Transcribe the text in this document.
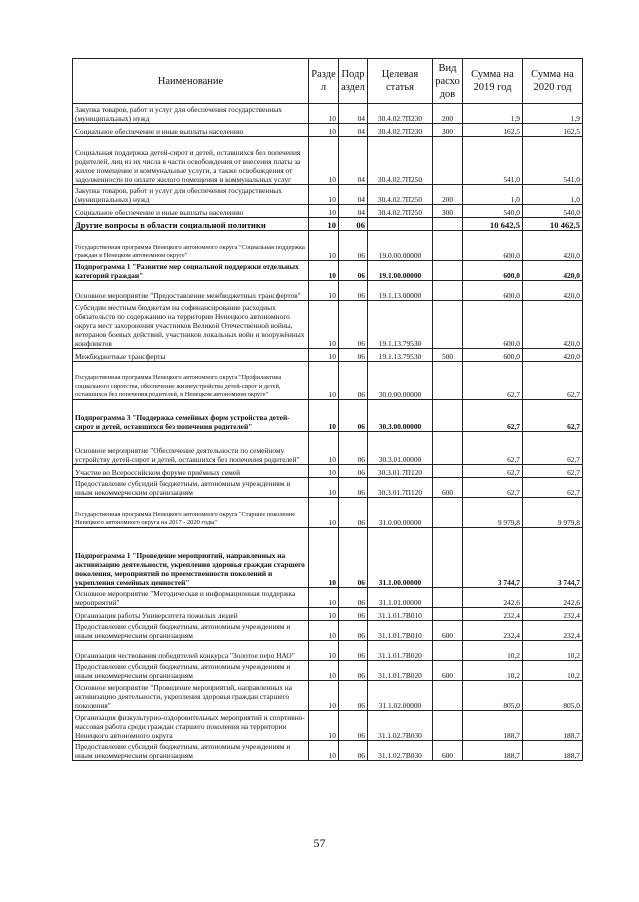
Наименование	Разде л	Подр аздел	Целевая статья	Вид расхо дов	Сумма на 2019 год	Сумма на 2020 год
Закупка товаров, работ и услуг для обеспечения государственных (муниципальных) нужд	10	04	30.4.02.7П230	200	1,9	1,9
Социальное обеспечение и иные выплаты населению	10	04	30.4.02.7П230	300	162,5	162,5
Социальная поддержка детей-сирот и детей, оставшихся без попечения родителей, лиц из их числа в части освобождения от внесения платы за жилое помещение и коммунальные услуги, а также освобождения от задолженности по оплате жилого помещения и коммунальных услуг	10	04	30.4.02.7П250		541,0	541,0
Закупка товаров, работ и услуг для обеспечения государственных (муниципальных) нужд	10	04	30.4.02.7П250	200	1,0	1,0
Социальное обеспечение и иные выплаты населению	10	04	30.4.02.7П250	300	540,0	540,0
Другие вопросы в области социальной политики	10	06			10 642,5	10 462,5
Государственная программа Ненецкого автономного округа "Социальная поддержка граждан в Ненецком автономном округе"	10	06	19.0.00.00000		600,0	420,0
Подпрограмма 1 "Развитие мер социальной поддержки отдельных категорий граждан"	10	06	19.1.00.00000		600,0	420,0
Основное мероприятие "Предоставление межбюджетных трансфертов"	10	06	19.1.13.00000		600,0	420,0
Субсидии местным бюджетам на софинансирование расходных обязательств по содержанию на территории Ненецкого автономного округа мест захоронения участников Великой Отечественной войны, ветеранов боевых действий, участников локальных войн и вооружённых конфликтов	10	06	19.1.13.79530		600,0	420,0
Межбюджетные трансферты	10	06	19.1.13.79530	500	600,0	420,0
Государственная программа Ненецкого автономного округа "Профилактика социального сиротства, обеспечение жизнеустройства детей-сирот и детей, оставшихся без попечения родителей, в Ненецком автономном округе"	10	06	30.0.00.00000		62,7	62,7
Подпрограмма 3 "Поддержка семейных форм устройства детей-сирот и детей, оставшихся без попечения родителей"	10	06	30.3.00.00000		62,7	62,7
Основное мероприятие "Обеспечение деятельности по семейному устройству детей-сирот и детей, оставшихся без попечения родителей"	10	06	30.3.01.00000		62,7	62,7
Участие во Всероссийском форуме приёмных семей	10	06	30.3.01.7П120		62,7	62,7
Предоставление субсидий бюджетным, автономным учреждениям и иным некоммерческим организациям	10	06	30.3.01.7П120	600	62,7	62,7
Государственная программа Ненецкого автономного округа "Старшее поколение Ненецкого автономного округа на 2017 - 2020 годы"	10	06	31.0.00.00000		9 979,8	9 979,8
Подпрограмма 1 "Проведение мероприятий, направленных на активизацию деятельности, укрепления здоровья граждан старшего поколения, мероприятий по преемственности поколений и укрепления семейных ценностей"	10	06	31.1.00.00000		3 744,7	3 744,7
Основное мероприятие "Методическая и информационная поддержка мероприятий"	10	06	31.1.01.00000		242,6	242,6
Организация работы Университета пожилых людей	10	06	31.1.01.7В010		232,4	232,4
Предоставление субсидий бюджетным, автономным учреждениям и иным некоммерческим организациям	10	06	31.1.01.7В010	600	232,4	232,4
Организация чествования победителей конкурса "Золотое перо НАО"	10	06	31.1.01.7В020		10,2	10,2
Предоставление субсидий бюджетным, автономным учреждениям и иным некоммерческим организациям	10	06	31.1.01.7В020	600	10,2	10,2
Основное мероприятие "Проведение мероприятий, направленных на активизацию деятельности, укрепления здоровья граждан старшего поколения"	10	06	31.1.02.00000		805,0	805,0
Организация физкультурно-оздоровительных мероприятий и спортивно-массовая работа среди граждан старшего поколения на территории Ненецкого автономного округа	10	06	31.1.02.7В030		188,7	188,7
Предоставление субсидий бюджетным, автономным учреждениям и иным некоммерческим организациям	10	06	31.1.02.7В030	600	188,7	188,7
57
